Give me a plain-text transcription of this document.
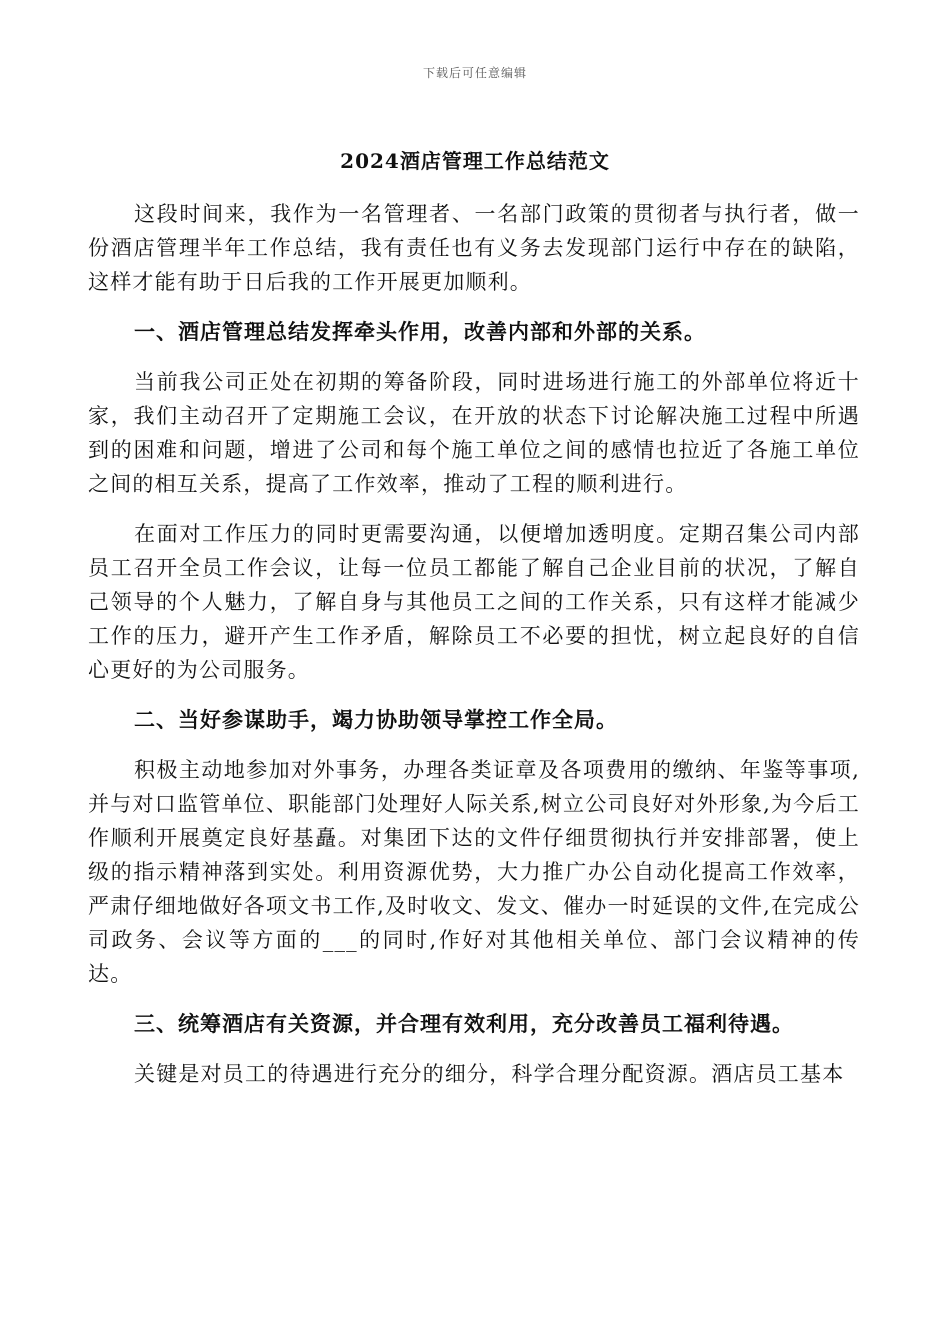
下载后可任意编辑
2024酒店管理工作总结范文

这段时间来，我作为一名管理者、一名部门政策的贯彻者与执行者，做一份酒店管理半年工作总结，我有责任也有义务去发现部门运行中存在的缺陷，这样才能有助于日后我的工作开展更加顺利。

一、酒店管理总结发挥牵头作用，改善内部和外部的关系。

当前我公司正处在初期的筹备阶段，同时进场进行施工的外部单位将近十家，我们主动召开了定期施工会议，在开放的状态下讨论解决施工过程中所遇到的困难和问题，增进了公司和每个施工单位之间的感情也拉近了各施工单位之间的相互关系，提高了工作效率，推动了工程的顺利进行。

在面对工作压力的同时更需要沟通，以便增加透明度。定期召集公司内部员工召开全员工作会议，让每一位员工都能了解自己企业目前的状况，了解自己领导的个人魅力，了解自身与其他员工之间的工作关系，只有这样才能减少工作的压力，避开产生工作矛盾，解除员工不必要的担忧，树立起良好的自信心更好的为公司服务。

二、当好参谋助手，竭力协助领导掌控工作全局。

积极主动地参加对外事务，办理各类证章及各项费用的缴纳、年鉴等事项,并与对口监管单位、职能部门处理好人际关系,树立公司良好对外形象,为今后工作顺利开展奠定良好基矗。对集团下达的文件仔细贯彻执行并安排部署，使上级的指示精神落到实处。利用资源优势，大力推广办公自动化提高工作效率，严肃仔细地做好各项文书工作,及时收文、发文、催办一时延误的文件,在完成公司政务、会议等方面的___的同时,作好对其他相关单位、部门会议精神的传达。

三、统筹酒店有关资源，并合理有效利用，充分改善员工福利待遇。

关键是对员工的待遇进行充分的细分，科学合理分配资源。酒店员工基本
